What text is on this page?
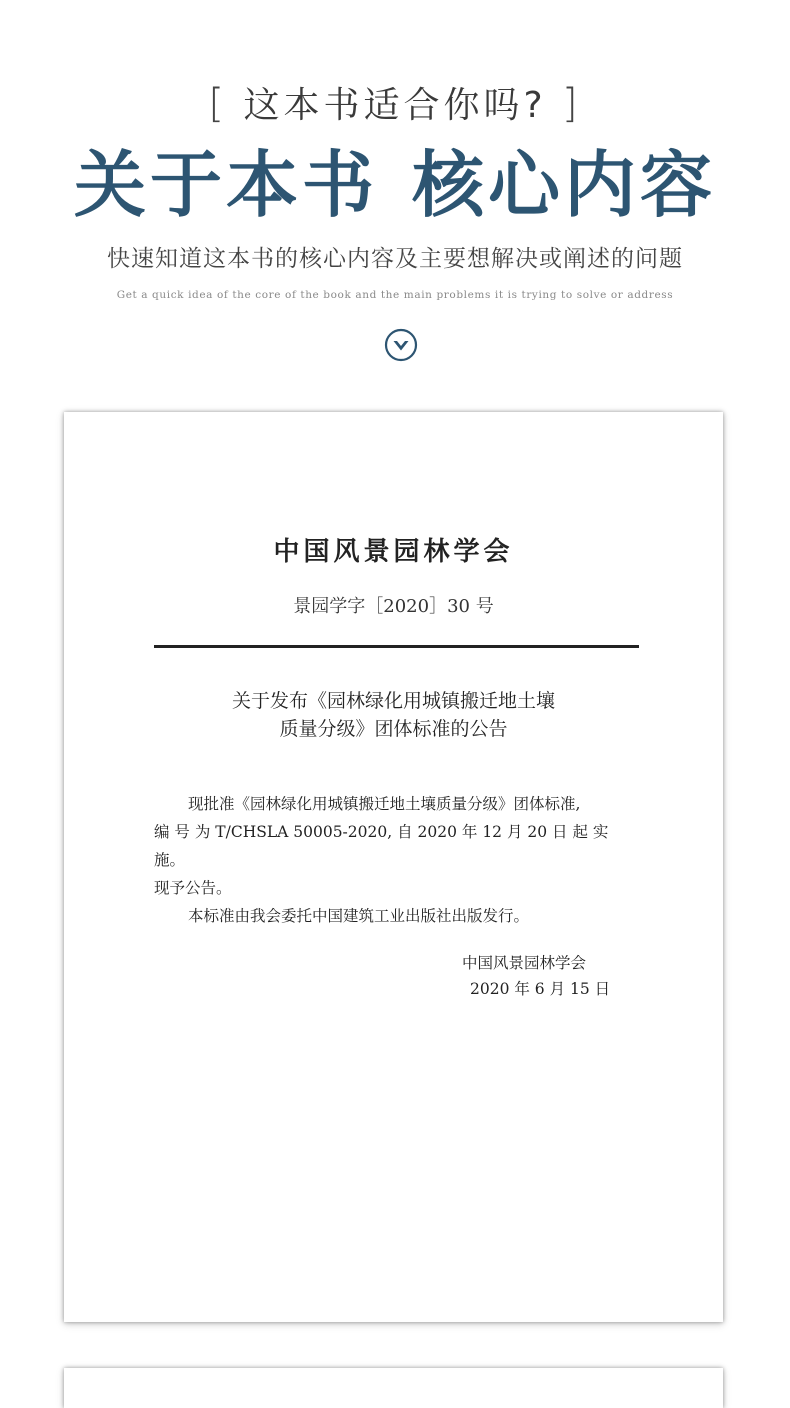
[ 这本书适合你吗? ]
关于本书 核心内容
快速知道这本书的核心内容及主要想解决或阐述的问题
Get a quick idea of the core of the book and the main problems it is trying to solve or address
中国风景园林学会
景园学字［2020］30 号
关于发布《园林绿化用城镇搬迁地土壤
质量分级》团体标准的公告

现批准《园林绿化用城镇搬迁地土壤质量分级》团体标准,

编 号 为 T/CHSLA 50005-2020, 自 2020 年 12 月 20 日 起 实 施。

现予公告。

本标准由我会委托中国建筑工业出版社出版发行。

中国风景园林学会
2020 年 6 月 15 日
